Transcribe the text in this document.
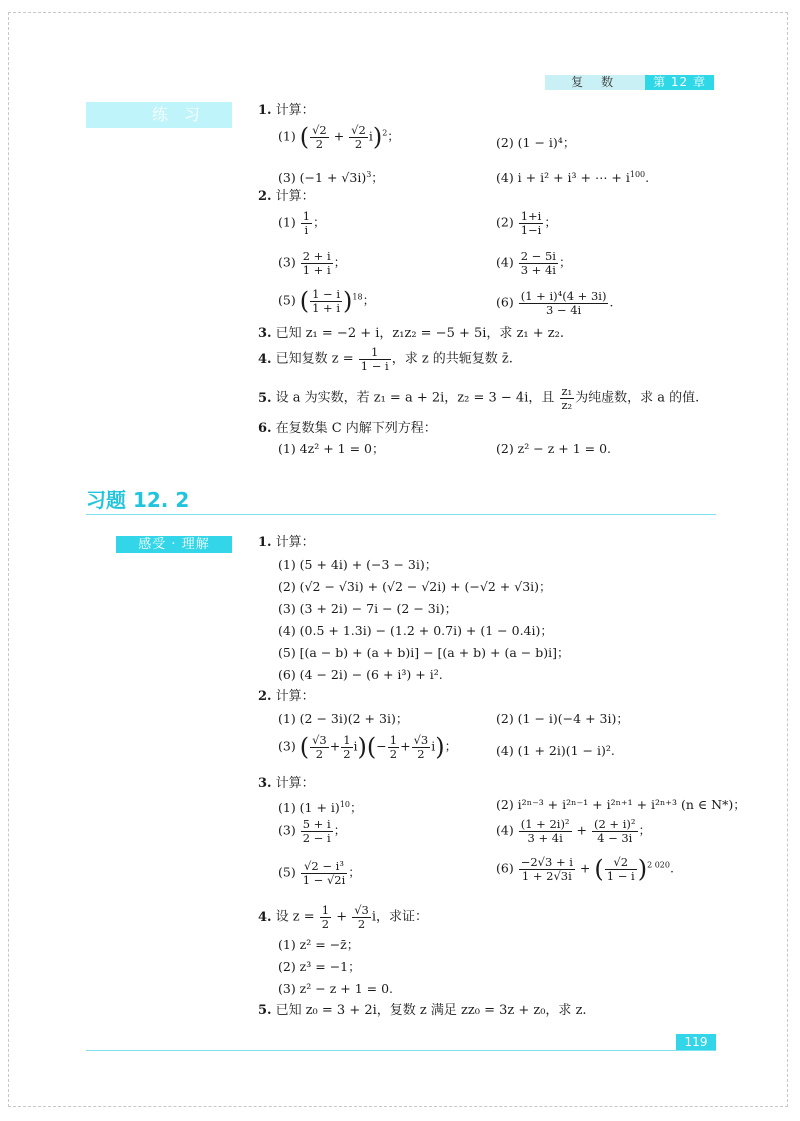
复数	第 12 章
练习	1. 计算：
(1) ( $\frac{√2}{2} + \frac{√2}{2} i)^2$；	(2) (1 − i)⁴；
(3) $(-1 + √3i)^3$；	(4) i + i² + i³ + ⋯ + $i^{100}$.
2. 计算：
$(1) \frac{1}{i}$ ；	$(2) \frac{1+i}{1-i}$ ；
$(3) \frac{2 + i}{1 + i}$ ；	$(4) \frac{2 - 5i}{3 + 4i}$ ；
(5) ( $\frac{1 - i}{1 + i} )^{18}$；	$(6) \frac{\text{(1 + i)⁴(4 + 3i)}}{3 - 4i}$ .
3. 已知 z₁ = −2 + i，z₁z₂ = −5 + 5i，求 z₁ + z₂.
4. 已知复数 $z = \frac{1}{1 - i}$ ，求 z 的共轭复数 z̄.
5. 设 a 为实数，若 z₁ = a + 2i，z₂ = 3 − 4i，且 $\frac{\text{z₁}}{\text{z₂}}$ 为纯虚数，求 a 的值.
6. 在复数集 C 内解下列方程：
(1) 4z² + 1 = 0；	(2) z² − z + 1 = 0.
习题 12. 2
感受 · 理解	1. 计算：
(1) (5 + 4i) + (−3 − 3i)；
(2) (√2 − √3i) + (√2 − √2i) + (−√2 + √3i)；
(3) (3 + 2i) − 7i − (2 − 3i)；
(4) (0.5 + 1.3i) − (1.2 + 0.7i) + (1 − 0.4i)；
(5) [(a − b) + (a + b)i] − [(a + b) + (a − b)i]；
(6) (4 − 2i) − (6 + i³) + i².
2. 计算：
(1) (2 − 3i)(2 + 3i)；	(2) (1 − i)(−4 + 3i)；
(3) ( $\frac{√3}{2} + \frac{1}{2} i)(- \frac{1}{2} + \frac{√3}{2} i)$；	(4) (1 + 2i)(1 − i)².
3. 计算：
(1) $(1 + i)^{10}$；	(2) i²ⁿ⁻³ + i²ⁿ⁻¹ + i²ⁿ⁺¹ + i²ⁿ⁺³ (n ∈ N*)；
$(3) \frac{5 + i}{2 - i}$ ；	$(4) \frac{\text{(1 + 2i)²}}{3 + 4i} + \frac{\text{(2 + i)²}}{4 - 3i}$ ；
$(5) \frac{\text{√2 − i³}}{1 - √2i}$ ；	$(6) \frac{-2√3 + i}{1 + 2√3i}$ + ( $\frac{√2}{1 - i} )^{2 020}$.
4. 设 $z = \frac{1}{2} + \frac{√3}{2}$ i，求证：
(1) z² = −z̄；
(2) z³ = −1；
(3) z² − z + 1 = 0.
5. 已知 z₀ = 3 + 2i，复数 z 满足 zz₀ = 3z + z₀，求 z.
119
